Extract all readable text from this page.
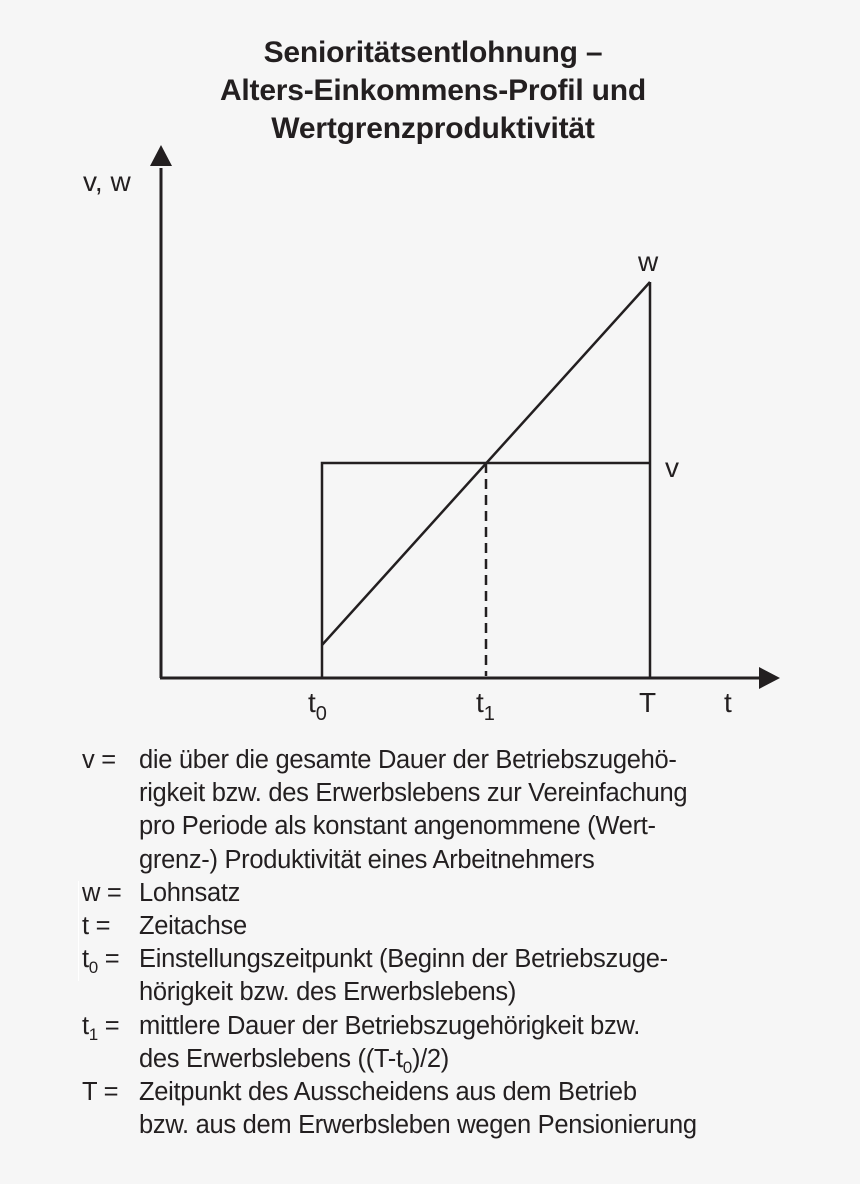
Senioritätsentlohnung –
Alters-Einkommens-Profil und
Wertgrenzproduktivität
v, w
w
v
t
$t_0$	$t_1$	T
v = die über die gesamte Dauer der Betriebszugehö-
rigkeit bzw. des Erwerbslebens zur Vereinfachung
pro Periode als konstant angenommene (Wert-
grenz-) Produktivität eines Arbeitnehmers
w = Lohnsatz
t =	Zeitachse
$t_0$ = Einstellungszeitpunkt (Beginn der Betriebszuge-
hörigkeit bzw. des Erwerbslebens)
$t_1$ = mittlere Dauer der Betriebszugehörigkeit bzw.
des Erwerbslebens $((T-t_0)/2)$
T = Zeitpunkt des Ausscheidens aus dem Betrieb
bzw. aus dem Erwerbsleben wegen Pensionierung
